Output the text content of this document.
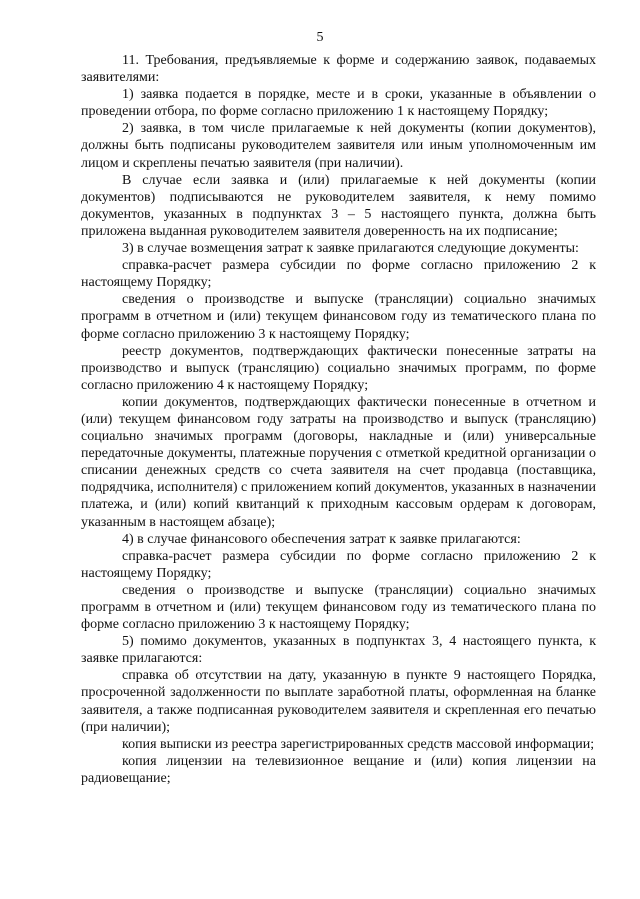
5

11. Требования, предъявляемые к форме и содержанию заявок, подаваемых заявителями:

1) заявка подается в порядке, месте и в сроки, указанные в объявлении о проведении отбора, по форме согласно приложению 1 к настоящему Порядку;

2) заявка, в том числе прилагаемые к ней документы (копии документов), должны быть подписаны руководителем заявителя или иным уполномоченным им лицом и скреплены печатью заявителя (при наличии).

В случае если заявка и (или) прилагаемые к ней документы (копии документов) подписываются не руководителем заявителя, к нему помимо документов, указанных в подпунктах 3 – 5 настоящего пункта, должна быть приложена выданная руководителем заявителя доверенность на их подписание;

3) в случае возмещения затрат к заявке прилагаются следующие документы:

справка-расчет размера субсидии по форме согласно приложению 2 к настоящему Порядку;

сведения о производстве и выпуске (трансляции) социально значимых программ в отчетном и (или) текущем финансовом году из тематического плана по форме согласно приложению 3 к настоящему Порядку;

реестр документов, подтверждающих фактически понесенные затраты на производство и выпуск (трансляцию) социально значимых программ, по форме согласно приложению 4 к настоящему Порядку;

копии документов, подтверждающих фактически понесенные в отчетном и (или) текущем финансовом году затраты на производство и выпуск (трансляцию) социально значимых программ (договоры, накладные и (или) универсальные передаточные документы, платежные поручения с отметкой кредитной организации о списании денежных средств со счета заявителя на счет продавца (поставщика, подрядчика, исполнителя) с приложением копий документов, указанных в назначении платежа, и (или) копий квитанций к приходным кассовым ордерам к договорам, указанным в настоящем абзаце);

4) в случае финансового обеспечения затрат к заявке прилагаются:

справка-расчет размера субсидии по форме согласно приложению 2 к настоящему Порядку;

сведения о производстве и выпуске (трансляции) социально значимых программ в отчетном и (или) текущем финансовом году из тематического плана по форме согласно приложению 3 к настоящему Порядку;

5) помимо документов, указанных в подпунктах 3, 4 настоящего пункта, к заявке прилагаются:

справка об отсутствии на дату, указанную в пункте 9 настоящего Порядка, просроченной задолженности по выплате заработной платы, оформленная на бланке заявителя, а также подписанная руководителем заявителя и скрепленная его печатью (при наличии);

копия выписки из реестра зарегистрированных средств массовой информации;

копия лицензии на телевизионное вещание и (или) копия лицензии на радиовещание;
